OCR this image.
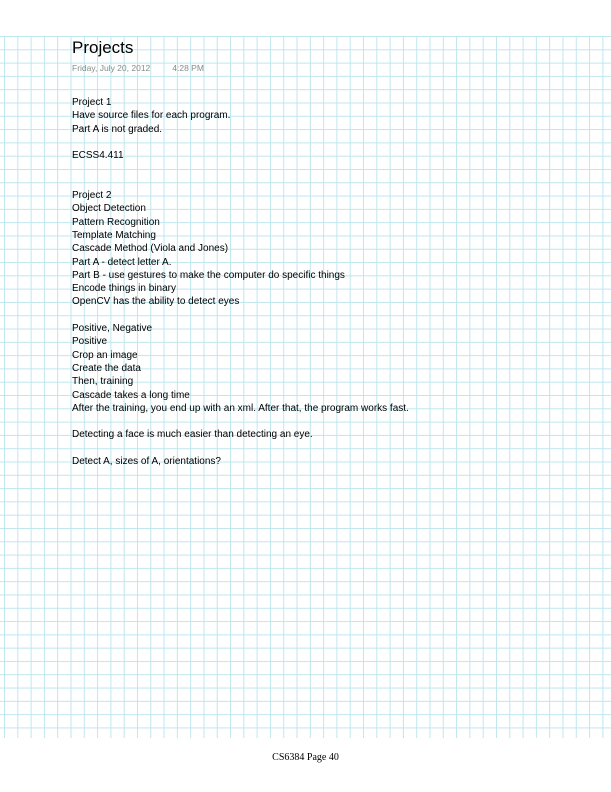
Projects
Friday, July 20, 2012	4:28 PM
Project 1
Have source files for each program.
Part A is not graded.
ECSS4.411
Project 2
Object Detection
Pattern Recognition
Template Matching
Cascade Method (Viola and Jones)
Part A - detect letter A.
Part B - use gestures to make the computer do specific things
Encode things in binary
OpenCV has the ability to detect eyes
Positive, Negative
Positive
Crop an image
Create the data
Then, training
Cascade takes a long time
After the training, you end up with an xml. After that, the program works fast.
Detecting a face is much easier than detecting an eye.
Detect A, sizes of A, orientations?
CS6384 Page 40
